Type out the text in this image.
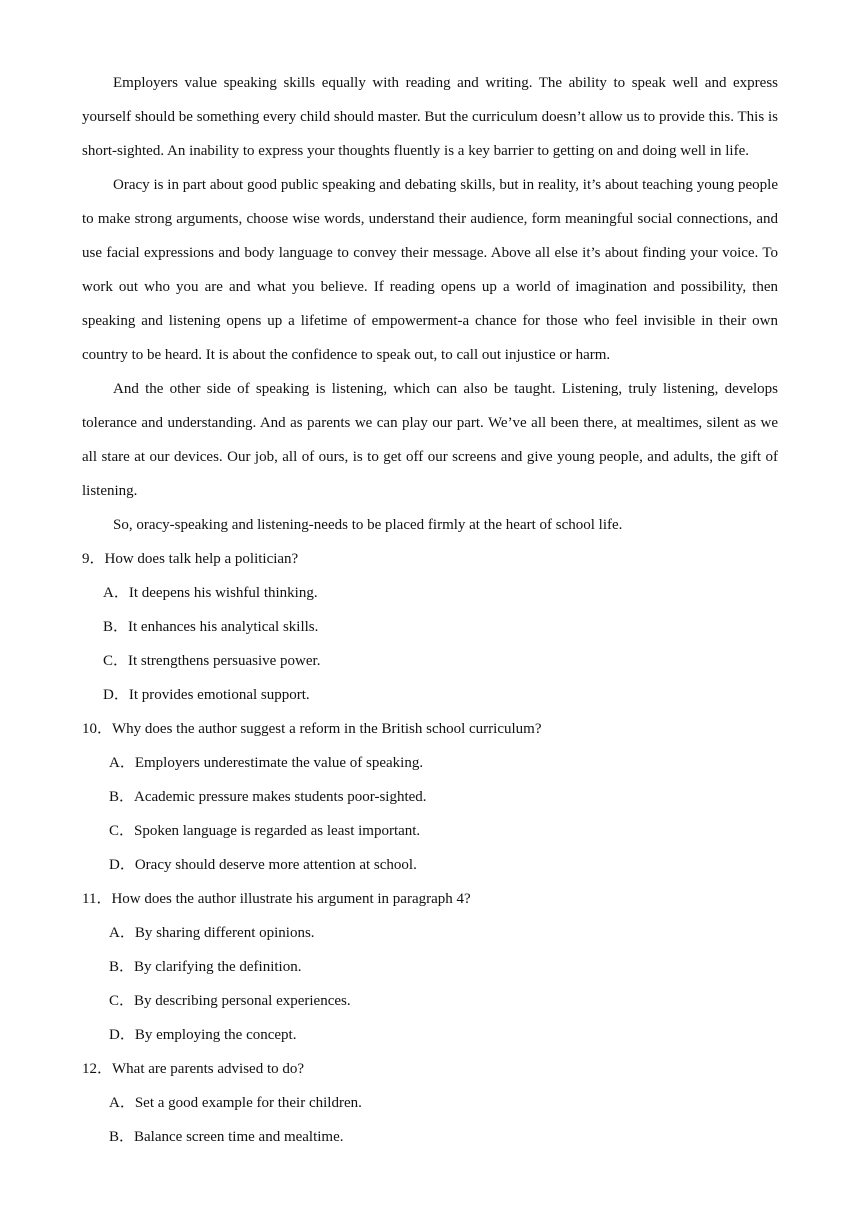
Employers value speaking skills equally with reading and writing. The ability to speak well and express yourself should be something every child should master. But the curriculum doesn’t allow us to provide this. This is short-sighted. An inability to express your thoughts fluently is a key barrier to getting on and doing well in life.

Oracy is in part about good public speaking and debating skills, but in reality, it’s about teaching young people to make strong arguments, choose wise words, understand their audience, form meaningful social connections, and use facial expressions and body language to convey their message. Above all else it’s about finding your voice. To work out who you are and what you believe. If reading opens up a world of imagination and possibility, then speaking and listening opens up a lifetime of empowerment-a chance for those who feel invisible in their own country to be heard. It is about the confidence to speak out, to call out injustice or harm.

And the other side of speaking is listening, which can also be taught. Listening, truly listening, develops tolerance and understanding. And as parents we can play our part. We’ve all been there, at mealtimes, silent as we all stare at our devices. Our job, all of ours, is to get off our screens and give young people, and adults, the gift of listening.

So, oracy-speaking and listening-needs to be placed firmly at the heart of school life.

9．How does talk help a politician?
A．It deepens his wishful thinking.
B．It enhances his analytical skills.
C．It strengthens persuasive power.
D．It provides emotional support.
10．Why does the author suggest a reform in the British school curriculum?
A．Employers underestimate the value of speaking.
B．Academic pressure makes students poor-sighted.
C．Spoken language is regarded as least important.
D．Oracy should deserve more attention at school.
11．How does the author illustrate his argument in paragraph 4?
A．By sharing different opinions.
B．By clarifying the definition.
C．By describing personal experiences.
D．By employing the concept.
12．What are parents advised to do?
A．Set a good example for their children.
B．Balance screen time and mealtime.
